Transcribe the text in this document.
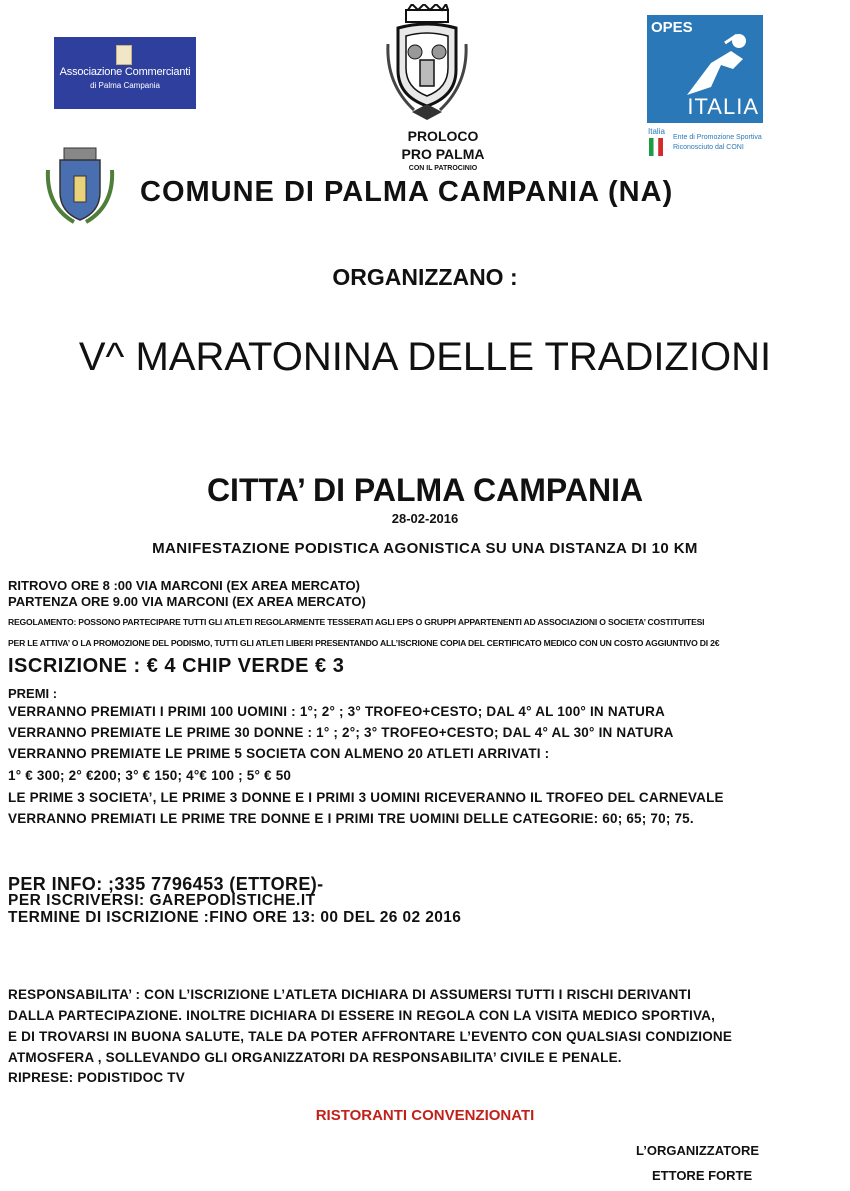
Associazione Commercianti
di Palma Campania
OPES
ITALIA
Italia
Ente di Promozione Sportiva
Riconosciuto dal CONI
PROLOCO
PRO PALMA
CON IL PATROCINIO
COMUNE DI PALMA CAMPANIA (NA)
ORGANIZZANO :
V^ MARATONINA DELLE TRADIZIONI
CITTA’ DI PALMA CAMPANIA
28-02-2016
MANIFESTAZIONE PODISTICA AGONISTICA SU UNA DISTANZA DI 10 KM
RITROVO ORE 8 :00 VIA MARCONI (EX AREA MERCATO)
PARTENZA ORE 9.00 VIA MARCONI (EX AREA MERCATO)
REGOLAMENTO: POSSONO PARTECIPARE TUTTI GLI ATLETI REGOLARMENTE TESSERATI AGLI EPS O GRUPPI APPARTENENTI AD ASSOCIAZIONI O SOCIETA’ COSTITUITESI
PER LE ATTIVA’ O LA PROMOZIONE DEL PODISMO, TUTTI GLI ATLETI LIBERI PRESENTANDO ALL’ISCRIONE COPIA DEL CERTIFICATO MEDICO CON UN COSTO AGGIUNTIVO DI 2€
ISCRIZIONE : € 4 CHIP VERDE € 3
PREMI :
VERRANNO PREMIATI I PRIMI 100 UOMINI : 1°; 2° ; 3° TROFEO+CESTO; DAL 4° AL 100° IN NATURA
VERRANNO PREMIATE LE PRIME 30 DONNE : 1° ; 2°; 3° TROFEO+CESTO; DAL 4° AL 30° IN NATURA
VERRANNO PREMIATE LE PRIME 5 SOCIETA CON ALMENO 20 ATLETI ARRIVATI :
1° € 300; 2° €200; 3° € 150; 4°€ 100 ; 5° € 50
LE PRIME 3 SOCIETA’, LE PRIME 3 DONNE E I PRIMI 3 UOMINI RICEVERANNO IL TROFEO DEL CARNEVALE
VERRANNO PREMIATI LE PRIME TRE DONNE E I PRIMI TRE UOMINI DELLE CATEGORIE: 60; 65; 70; 75.
PER INFO: ;335 7796453 (ETTORE)-
PER ISCRIVERSI: GAREPODISTICHE.IT
TERMINE DI ISCRIZIONE :FINO ORE 13: 00 DEL 26 02 2016
RESPONSABILITA’ : CON L’ISCRIZIONE L’ATLETA DICHIARA DI ASSUMERSI TUTTI I RISCHI DERIVANTI
DALLA PARTECIPAZIONE. INOLTRE DICHIARA DI ESSERE IN REGOLA CON LA VISITA MEDICO SPORTIVA,
E DI TROVARSI IN BUONA SALUTE, TALE DA POTER AFFRONTARE L’EVENTO CON QUALSIASI CONDIZIONE
ATMOSFERA , SOLLEVANDO GLI ORGANIZZATORI DA RESPONSABILITA’ CIVILE E PENALE.
RIPRESE: PODISTIDOC TV
RISTORANTI CONVENZIONATI
L’ORGANIZZATORE
ETTORE FORTE
